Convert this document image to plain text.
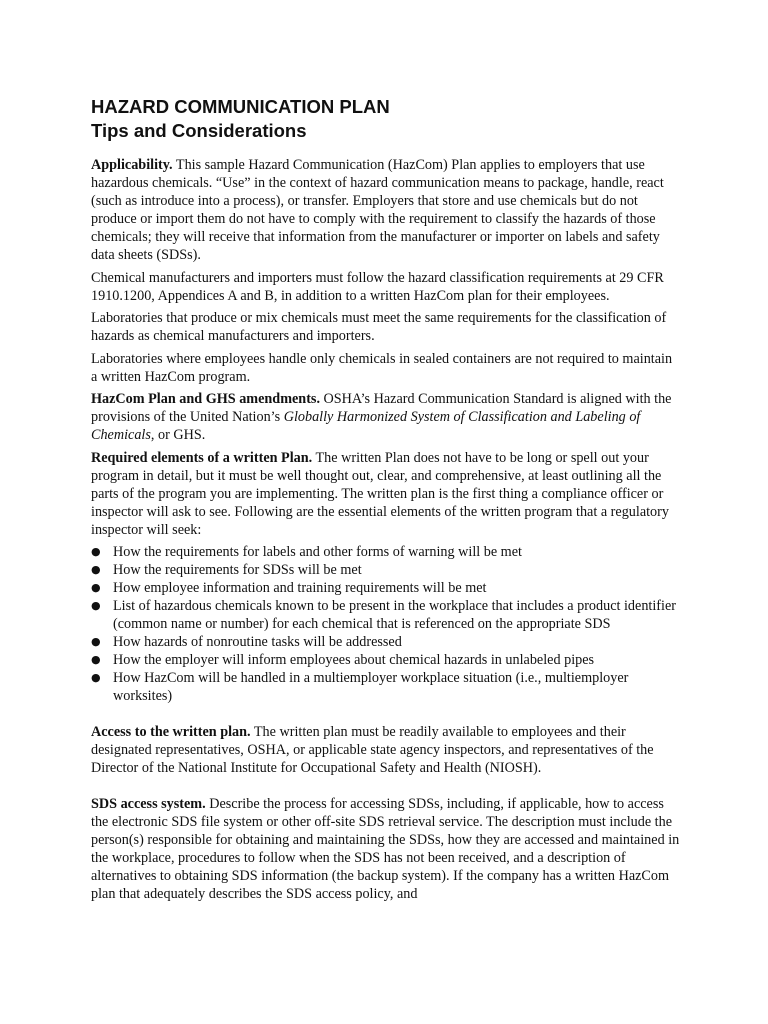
HAZARD COMMUNICATION PLAN
Tips and Considerations

Applicability. This sample Hazard Communication (HazCom) Plan applies to employers that use hazardous chemicals. “Use” in the context of hazard communication means to package, handle, react (such as introduce into a process), or transfer. Employers that store and use chemicals but do not produce or import them do not have to comply with the requirement to classify the hazards of those chemicals; they will receive that information from the manufacturer or importer on labels and safety data sheets (SDSs).

Chemical manufacturers and importers must follow the hazard classification requirements at 29 CFR 1910.1200, Appendices A and B, in addition to a written HazCom plan for their employees.

Laboratories that produce or mix chemicals must meet the same requirements for the classification of hazards as chemical manufacturers and importers.

Laboratories where employees handle only chemicals in sealed containers are not required to maintain a written HazCom program.

HazCom Plan and GHS amendments. OSHA’s Hazard Communication Standard is aligned with the provisions of the United Nation’s Globally Harmonized System of Classification and Labeling of Chemicals, or GHS.

Required elements of a written Plan. The written Plan does not have to be long or spell out your program in detail, but it must be well thought out, clear, and comprehensive, at least outlining all the parts of the program you are implementing. The written plan is the first thing a compliance officer or inspector will ask to see. Following are the essential elements of the written program that a regulatory inspector will seek:

● How the requirements for labels and other forms of warning will be met
● How the requirements for SDSs will be met
● How employee information and training requirements will be met
● List of hazardous chemicals known to be present in the workplace that includes a product identifier (common name or number) for each chemical that is referenced on the appropriate SDS
● How hazards of nonroutine tasks will be addressed
● How the employer will inform employees about chemical hazards in unlabeled pipes
● How HazCom will be handled in a multiemployer workplace situation (i.e., multiemployer worksites)

Access to the written plan. The written plan must be readily available to employees and their designated representatives, OSHA, or applicable state agency inspectors, and representatives of the Director of the National Institute for Occupational Safety and Health (NIOSH).

SDS access system. Describe the process for accessing SDSs, including, if applicable, how to access the electronic SDS file system or other off-site SDS retrieval service. The description must include the person(s) responsible for obtaining and maintaining the SDSs, how they are accessed and maintained in the workplace, procedures to follow when the SDS has not been received, and a description of alternatives to obtaining SDS information (the backup system). If the company has a written HazCom plan that adequately describes the SDS access policy, and
